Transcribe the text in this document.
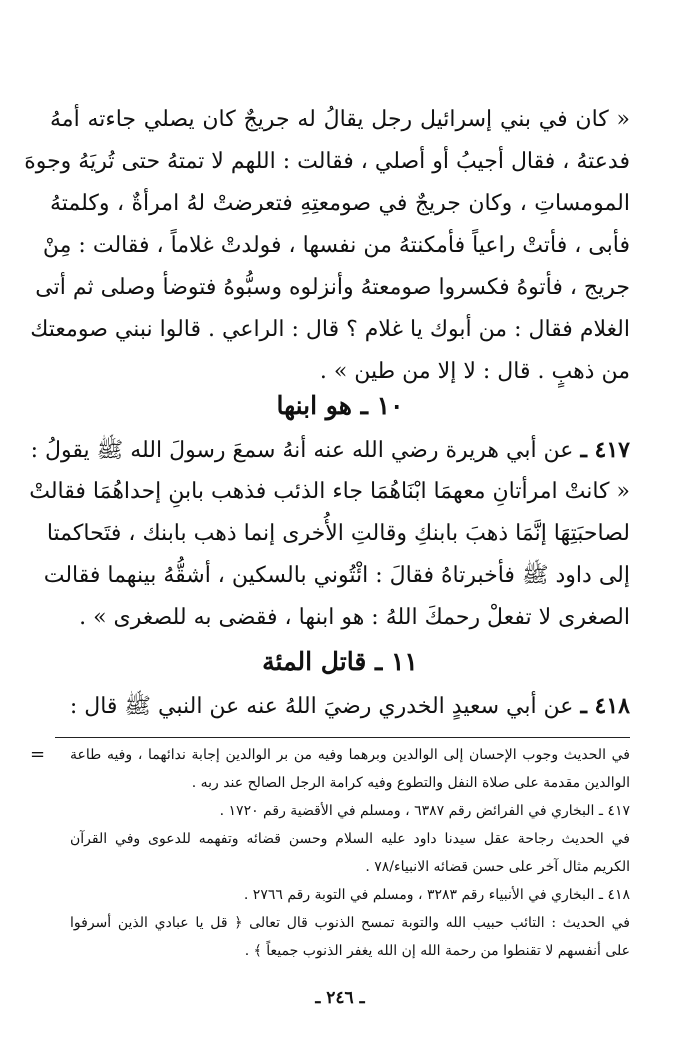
« كان في بني إسرائيل رجل يقالُ له جريجٌ كان يصلي جاءته أمهُ
فدعتهُ ، فقال أجيبُ أو أصلي ، فقالت : اللهم لا تمتهُ حتى تُريَهُ وجوهَ
المومساتِ ، وكان جريجٌ في صومعتِهِ فتعرضتْ لهُ امرأةٌ ، وكلمتهُ
فأبى ، فأتتْ راعياً فأمكنتهُ من نفسها ، فولدتْ غلاماً ، فقالت : مِنْ
جريج ، فأتوهُ فكسروا صومعتهُ وأنزلوه وسبُّوهُ فتوضأ وصلى ثم أتى
الغلام فقال : من أبوك يا غلام ؟ قال : الراعي . قالوا نبني صومعتك
من ذهبٍ . قال : لا إلا من طين » .
١٠ ـ هو ابنها
٤١٧ ـ عن أبي هريرة رضي الله عنه أنهُ سمعَ رسولَ الله ﷺ يقولُ :
« كانتْ امرأتانِ معهمَا ابْنَاهُمَا جاء الذئب فذهب بابنِ إحداهُمَا فقالتْ
لصاحبَتِهَا إنَّمَا ذهبَ بابنكِ وقالتِ الأُخرى إنما ذهب بابنك ، فتَحاكمتا
إلى داود ﷺ فأخبرتاهُ فقالَ : ائْتُوني بالسكين ، أشقُّهُ بينهما فقالت
الصغرى لا تفعلْ رحمكَ اللهُ : هو ابنها ، فقضى به للصغرى » .
١١ ـ قاتل المئة
٤١٨ ـ عن أبي سعيدٍ الخدري رضيَ اللهُ عنه عن النبي ﷺ قال :
= في الحديث وجوب الإحسان إلى الوالدين وبرهما وفيه من بر الوالدين إجابة ندائهما ، وفيه طاعة
الوالدين مقدمة على صلاة النفل والتطوع وفيه كرامة الرجل الصالح عند ربه .
٤١٧ ـ البخاري في الفرائض رقم ٦٣٨٧ ، ومسلم في الأقضية رقم ١٧٢٠ .
في الحديث رجاحة عقل سيدنا داود عليه السلام وحسن قضائه وتفهمه للدعوى وفي القرآن
الكريم مثال آخر على حسن قضائه الانبياء/٧٨ .
٤١٨ ـ البخاري في الأنبياء رقم ٣٢٨٣ ، ومسلم في التوبة رقم ٢٧٦٦ .
في الحديث : التائب حبيب الله والتوبة تمسح الذنوب قال تعالى ﴿ قل يا عبادي الذين أسرفوا
على أنفسهم لا تقنطوا من رحمة الله إن الله يغفر الذنوب جميعاً ﴾ .
ـ ٢٤٦ ـ
